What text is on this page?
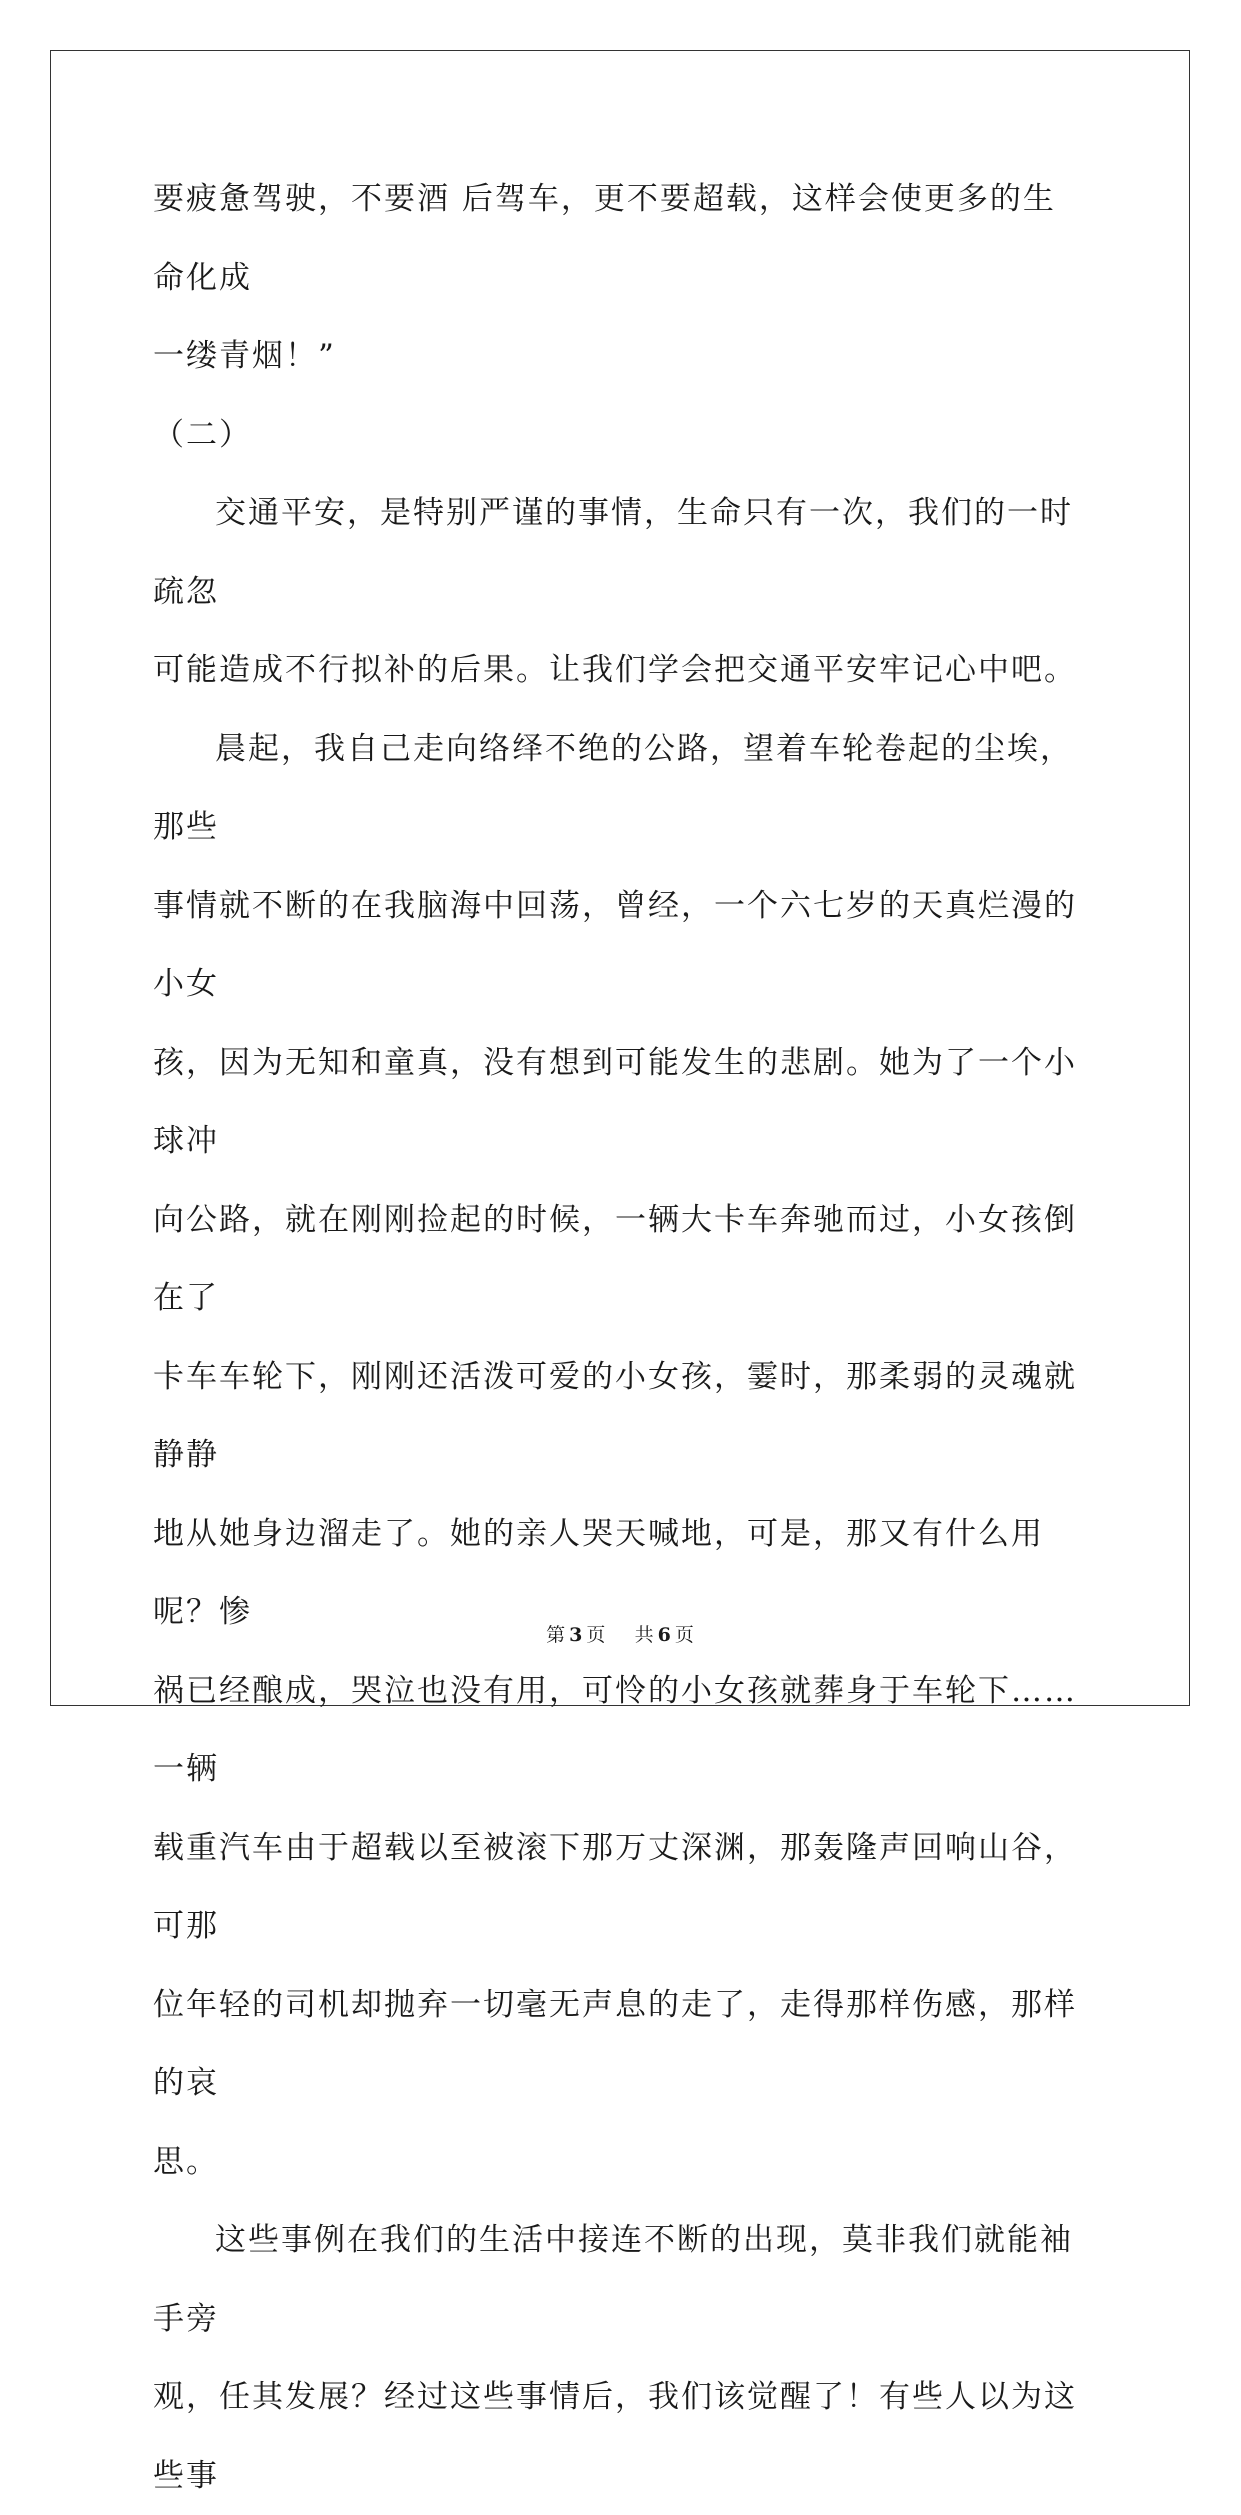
要疲惫驾驶，不要酒 后驾车，更不要超载，这样会使更多的生命化成
一缕青烟！”

（二）

交通平安，是特别严谨的事情，生命只有一次，我们的一时疏忽
可能造成不行拟补的后果。让我们学会把交通平安牢记心中吧。

晨起，我自己走向络绎不绝的公路，望着车轮卷起的尘埃，那些
事情就不断的在我脑海中回荡，曾经，一个六七岁的天真烂漫的小女
孩，因为无知和童真，没有想到可能发生的悲剧。她为了一个小球冲
向公路，就在刚刚捡起的时候，一辆大卡车奔驰而过，小女孩倒在了
卡车车轮下，刚刚还活泼可爱的小女孩，霎时，那柔弱的灵魂就静静
地从她身边溜走了。她的亲人哭天喊地，可是，那又有什么用呢？惨
祸已经酿成，哭泣也没有用，可怜的小女孩就葬身于车轮下……一辆
载重汽车由于超载以至被滚下那万丈深渊，那轰隆声回响山谷，可那
位年轻的司机却抛弃一切毫无声息的走了，走得那样伤感，那样的哀
思。

这些事例在我们的生活中接连不断的出现，莫非我们就能袖手旁
观，任其发展？经过这些事情后，我们该觉醒了！有些人以为这些事

第 3 页 共 6 页
